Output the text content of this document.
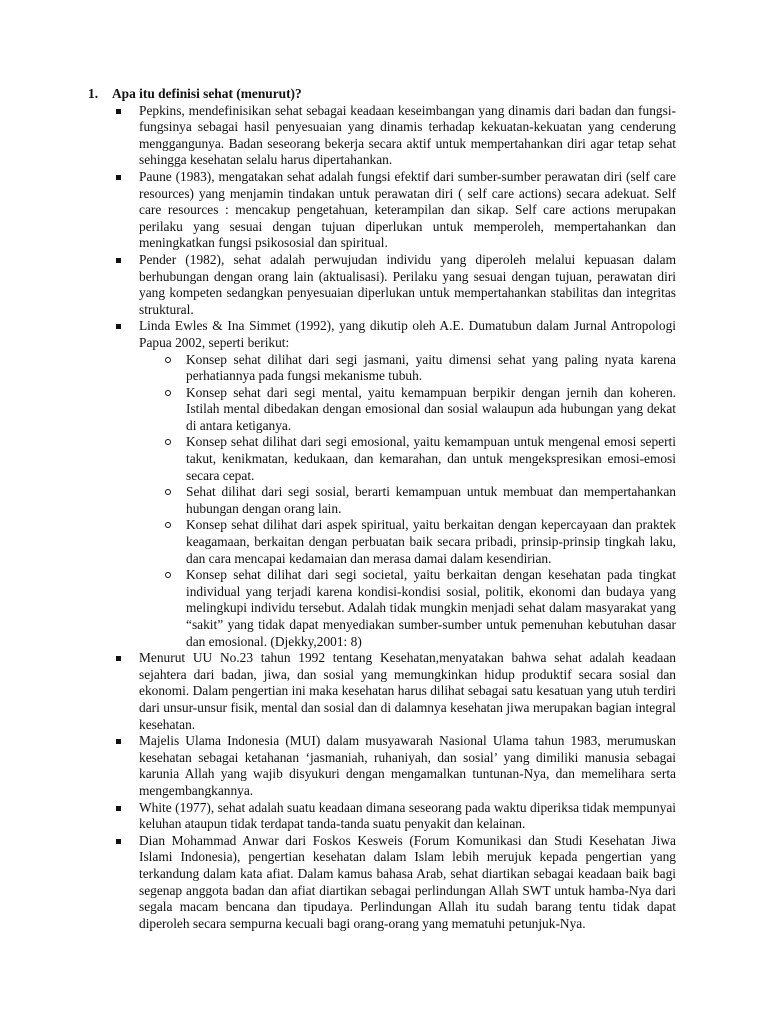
1.	Apa itu definisi sehat (menurut)?
Pepkins, mendefinisikan sehat sebagai keadaan keseimbangan yang dinamis dari badan dan fungsi-fungsinya sebagai hasil penyesuaian yang dinamis terhadap kekuatan-kekuatan yang cenderung menggangunya. Badan seseorang bekerja secara aktif untuk mempertahankan diri agar tetap sehat sehingga kesehatan selalu harus dipertahankan.
Paune (1983), mengatakan sehat adalah fungsi efektif dari sumber-sumber perawatan diri (self care resources) yang menjamin tindakan untuk perawatan diri ( self care actions) secara adekuat. Self care resources : mencakup pengetahuan, keterampilan dan sikap. Self care actions merupakan perilaku yang sesuai dengan tujuan diperlukan untuk memperoleh, mempertahankan dan meningkatkan fungsi psikososial dan spiritual.
Pender (1982), sehat adalah perwujudan individu yang diperoleh melalui kepuasan dalam berhubungan dengan orang lain (aktualisasi). Perilaku yang sesuai dengan tujuan, perawatan diri yang kompeten sedangkan penyesuaian diperlukan untuk mempertahankan stabilitas dan integritas struktural.
Linda Ewles & Ina Simmet (1992), yang dikutip oleh A.E. Dumatubun dalam Jurnal Antropologi Papua 2002, seperti berikut:
Konsep sehat dilihat dari segi jasmani, yaitu dimensi sehat yang paling nyata karena perhatiannya pada fungsi mekanisme tubuh.
Konsep sehat dari segi mental, yaitu kemampuan berpikir dengan jernih dan koheren. Istilah mental dibedakan dengan emosional dan sosial walaupun ada hubungan yang dekat di antara ketiganya.
Konsep sehat dilihat dari segi emosional, yaitu kemampuan untuk mengenal emosi seperti takut, kenikmatan, kedukaan, dan kemarahan, dan untuk mengekspresikan emosi-emosi secara cepat.
Sehat dilihat dari segi sosial, berarti kemampuan untuk membuat dan mempertahankan hubungan dengan orang lain.
Konsep sehat dilihat dari aspek spiritual, yaitu berkaitan dengan kepercayaan dan praktek keagamaan, berkaitan dengan perbuatan baik secara pribadi, prinsip-prinsip tingkah laku, dan cara mencapai kedamaian dan merasa damai dalam kesendirian.
Konsep sehat dilihat dari segi societal, yaitu berkaitan dengan kesehatan pada tingkat individual yang terjadi karena kondisi-kondisi sosial, politik, ekonomi dan budaya yang melingkupi individu tersebut. Adalah tidak mungkin menjadi sehat dalam masyarakat yang “sakit” yang tidak dapat menyediakan sumber-sumber untuk pemenuhan kebutuhan dasar dan emosional. (Djekky,2001: 8)
Menurut UU No.23 tahun 1992 tentang Kesehatan,menyatakan bahwa sehat adalah keadaan sejahtera dari badan, jiwa, dan sosial yang memungkinkan hidup produktif secara sosial dan ekonomi. Dalam pengertian ini maka kesehatan harus dilihat sebagai satu kesatuan yang utuh terdiri dari unsur-unsur fisik, mental dan sosial dan di dalamnya kesehatan jiwa merupakan bagian integral kesehatan.
Majelis Ulama Indonesia (MUI) dalam musyawarah Nasional Ulama tahun 1983, merumuskan kesehatan sebagai ketahanan ‘jasmaniah, ruhaniyah, dan sosial’ yang dimiliki manusia sebagai karunia Allah yang wajib disyukuri dengan mengamalkan tuntunan-Nya, dan memelihara serta mengembangkannya.
White (1977), sehat adalah suatu keadaan dimana seseorang pada waktu diperiksa tidak mempunyai keluhan ataupun tidak terdapat tanda-tanda suatu penyakit dan kelainan.
Dian Mohammad Anwar dari Foskos Kesweis (Forum Komunikasi dan Studi Kesehatan Jiwa Islami Indonesia), pengertian kesehatan dalam Islam lebih merujuk kepada pengertian yang terkandung dalam kata afiat. Dalam kamus bahasa Arab, sehat diartikan sebagai keadaan baik bagi segenap anggota badan dan afiat diartikan sebagai perlindungan Allah SWT untuk hamba-Nya dari segala macam bencana dan tipudaya. Perlindungan Allah itu sudah barang tentu tidak dapat diperoleh secara sempurna kecuali bagi orang-orang yang mematuhi petunjuk-Nya.
